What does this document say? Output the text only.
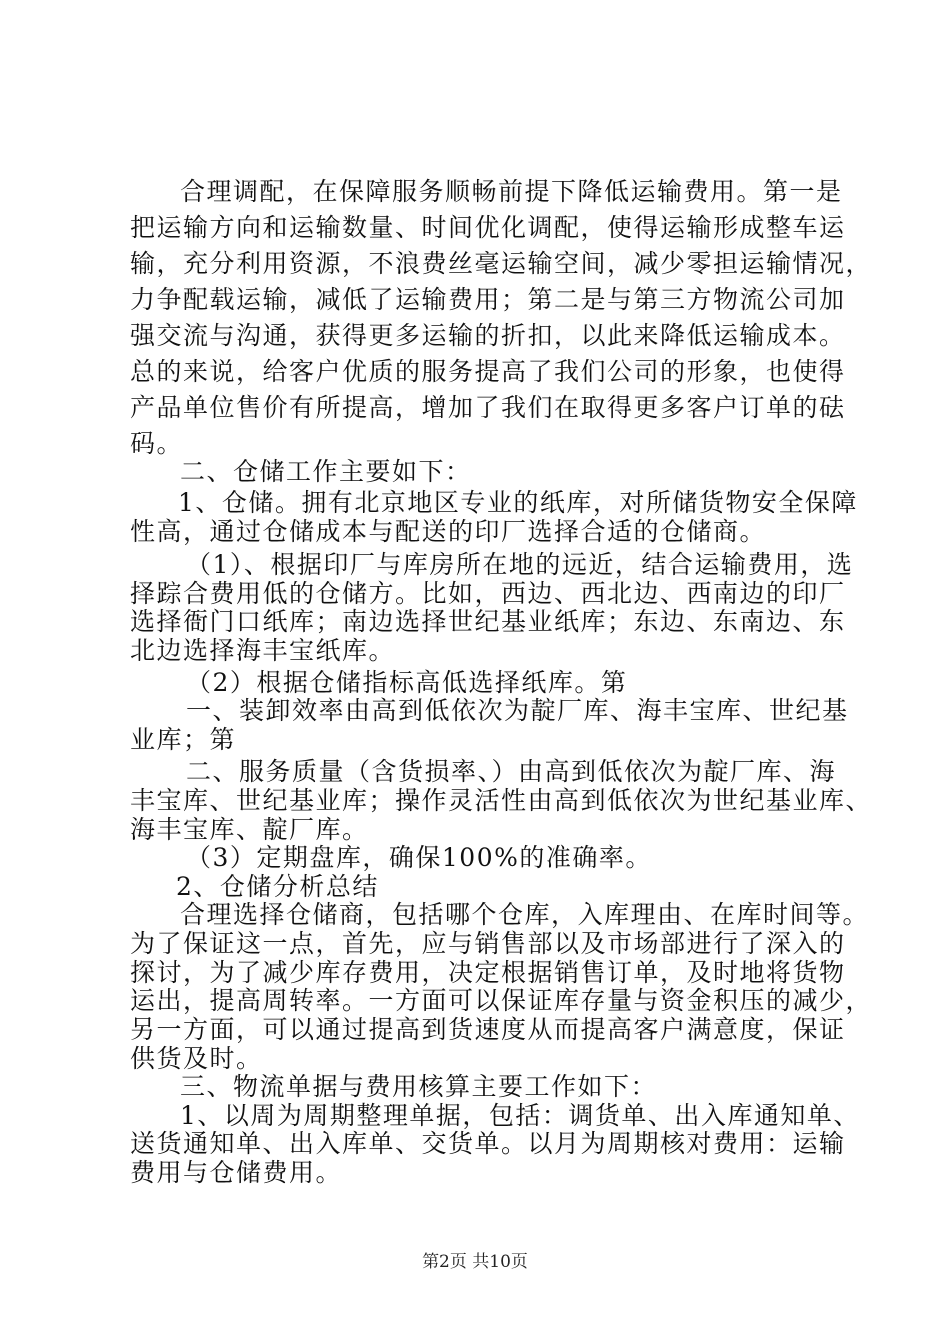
合理调配，在保障服务顺畅前提下降低运输费用。第一是
把运输方向和运输数量、时间优化调配，使得运输形成整车运
输，充分利用资源，不浪费丝毫运输空间，减少零担运输情况，
力争配载运输，减低了运输费用；第二是与第三方物流公司加
强交流与沟通，获得更多运输的折扣，以此来降低运输成本。
总的来说，给客户优质的服务提高了我们公司的形象，也使得
产品单位售价有所提高，增加了我们在取得更多客户订单的砝
码。
二、仓储工作主要如下：
1、仓储。拥有北京地区专业的纸库，对所储货物安全保障
性高，通过仓储成本与配送的印厂选择合适的仓储商。
（1）、根据印厂与库房所在地的远近，结合运输费用，选
择踪合费用低的仓储方。比如，西边、西北边、西南边的印厂
选择衙门口纸库；南边选择世纪基业纸库；东边、东南边、东
北边选择海丰宝纸库。
（2）根据仓储指标高低选择纸库。第
一、装卸效率由高到低依次为靛厂库、海丰宝库、世纪基
业库；第
二、服务质量（含货损率、）由高到低依次为靛厂库、海
丰宝库、世纪基业库；操作灵活性由高到低依次为世纪基业库、
海丰宝库、靛厂库。
（3）定期盘库，确保100%的准确率。
2、仓储分析总结
合理选择仓储商，包括哪个仓库，入库理由、在库时间等。
为了保证这一点，首先，应与销售部以及市场部进行了深入的
探讨，为了减少库存费用，决定根据销售订单，及时地将货物
运出，提高周转率。一方面可以保证库存量与资金积压的减少，
另一方面，可以通过提高到货速度从而提高客户满意度，保证
供货及时。
三、物流单据与费用核算主要工作如下：
1、以周为周期整理单据，包括：调货单、出入库通知单、
送货通知单、出入库单、交货单。以月为周期核对费用：运输
费用与仓储费用。
第2页 共10页
